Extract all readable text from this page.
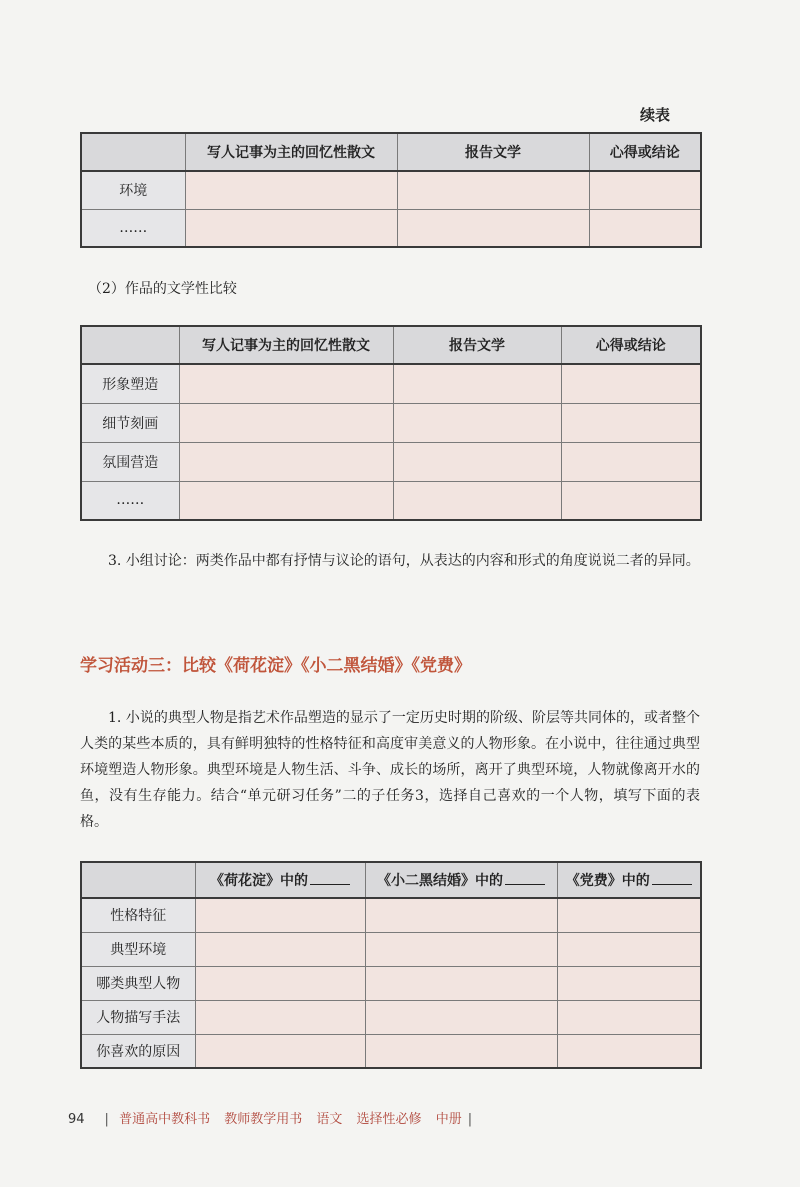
续表
	写人记事为主的回忆性散文	报告文学	心得或结论
环境			
……			
（2）作品的文学性比较
	写人记事为主的回忆性散文	报告文学	心得或结论
形象塑造			
细节刻画			
氛围营造			
……			
3. 小组讨论：两类作品中都有抒情与议论的语句，从表达的内容和形式的角度说说二者的异同。
学习活动三：比较《荷花淀》《小二黑结婚》《党费》
1. 小说的典型人物是指艺术作品塑造的显示了一定历史时期的阶级、阶层等共同体的，或者整个人类的某些本质的，具有鲜明独特的性格特征和高度审美意义的人物形象。在小说中，往往通过典型环境塑造人物形象。典型环境是人物生活、斗争、成长的场所，离开了典型环境，人物就像离开水的鱼，没有生存能力。结合“单元研习任务”二的子任务3，选择自己喜欢的一个人物，填写下面的表格。
	《荷花淀》中的	《小二黑结婚》中的	《党费》中的
性格特征			
典型环境			
哪类典型人物			
人物描写手法			
你喜欢的原因			
94 | 普通高中教科书 教师教学用书 语文 选择性必修 中册 |
